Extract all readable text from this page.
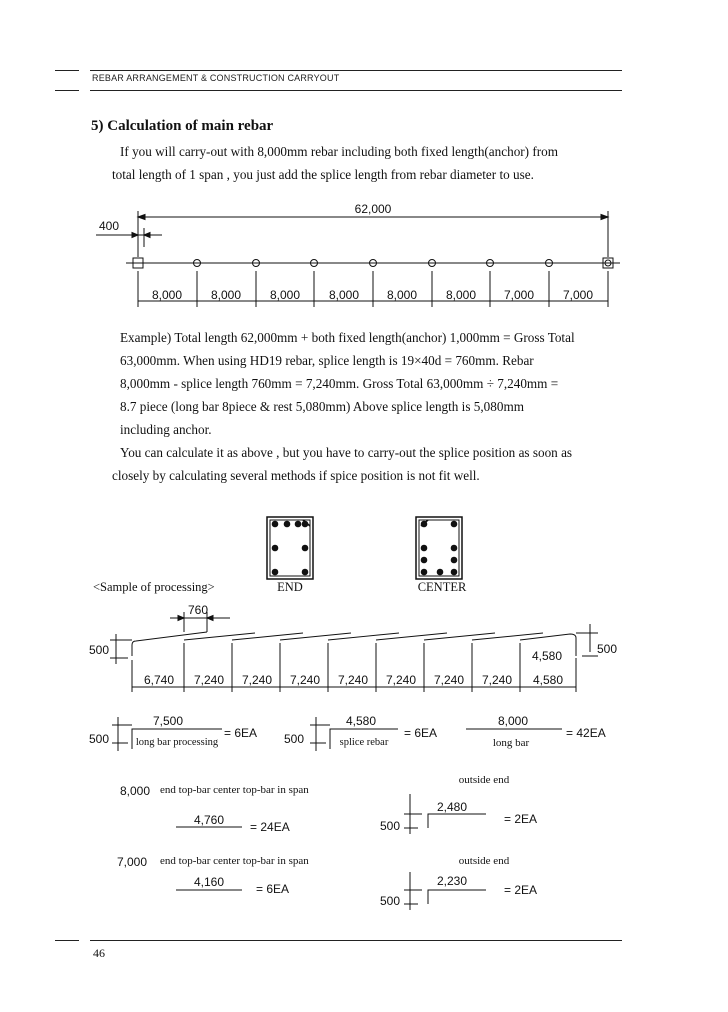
REBAR ARRANGEMENT & CONSTRUCTION CARRYOUT
5) Calculation of main rebar

If you will carry-out with 8,000mm rebar including both fixed length(anchor) from

total length of 1 span , you just add the splice length from rebar diameter to use.

62,000
400
8,000 8,000 8,000 8,000 8,000 8,000 7,000 7,000

Example) Total length 62,000mm + both fixed length(anchor) 1,000mm = Gross Total

63,000mm. When using HD19 rebar, splice length is 19×40d = 760mm. Rebar

8,000mm - splice length 760mm = 7,240mm. Gross Total 63,000mm ÷ 7,240mm =

8.7 piece (long bar 8piece & rest 5,080mm) Above splice length is 5,080mm

including anchor.

You can calculate it as above , but you have to carry-out the splice position as soon as

closely by calculating several methods if spice position is not fit well.

<Sample of processing>	END	CENTER
760
500	500
4,580
6,740 7,240 7,240 7,240 7,240 7,240 7,240 7,240 4,580
500
7,500
long bar processing
= 6EA 500
4,580
splice rebar
= 6EA
8,000
long bar
= 42EA
8,000 end top-bar center top-bar in span
4,760 = 24EA
outside end
500
2,480
= 2EA
7,000 end top-bar center top-bar in span
4,160	= 6EA
outside end
500
2,230
= 2EA
46
